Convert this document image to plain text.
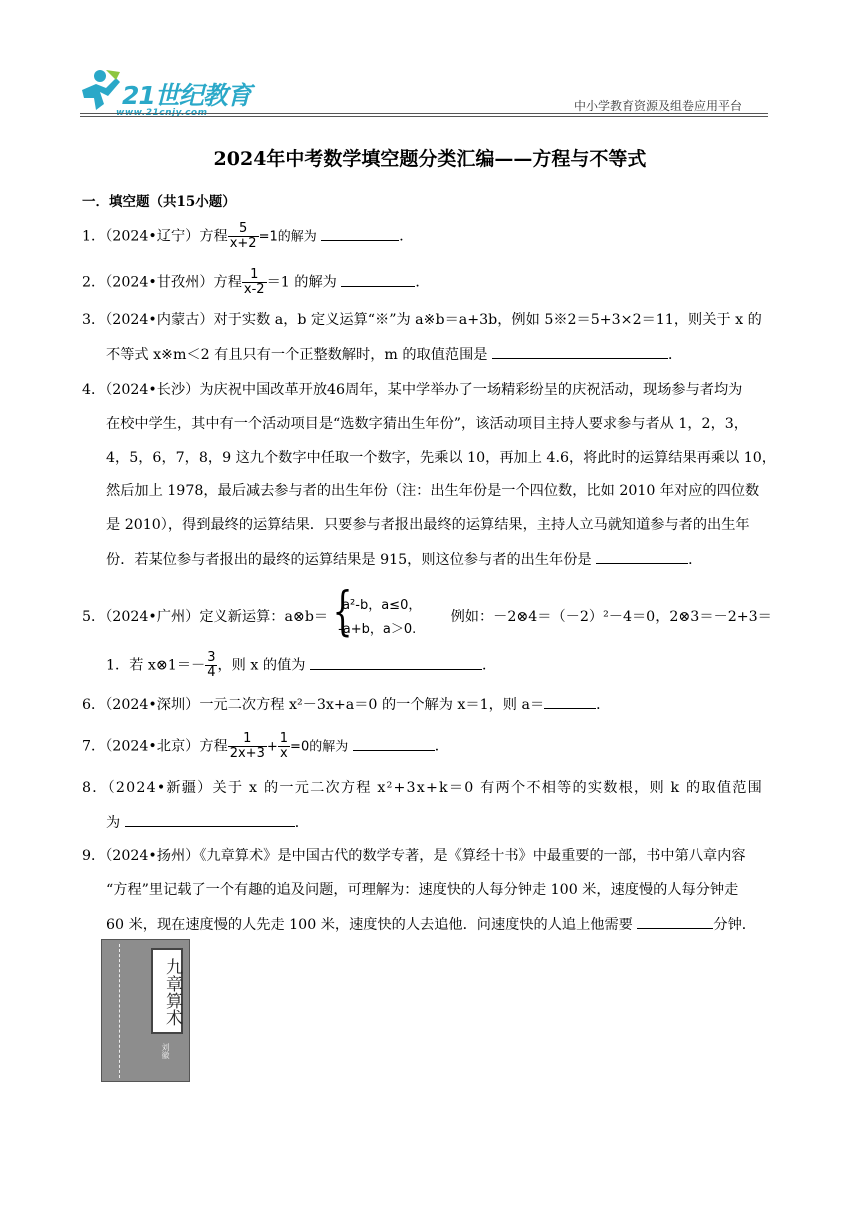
21世纪教育
www.21cnjy.com	中小学教育资源及组卷应用平台
2024年中考数学填空题分类汇编——方程与不等式
一．填空题（共15小题）
1．（2024•辽宁）方程 $\frac{5}{x+2} =1$的解为	．
2．（2024•甘孜州）方程 $\frac{1}{x-2} =1$ 的解为	．
3．（2024•内蒙古）对于实数 a，b 定义运算“※”为 a※b＝a+3b，例如 5※2＝5+3×2＝11，则关于 x 的
不等式 x※m＜2 有且只有一个正整数解时，m 的取值范围是	．
4．（2024•长沙）为庆祝中国改革开放46周年，某中学举办了一场精彩纷呈的庆祝活动，现场参与者均为
在校中学生，其中有一个活动项目是“选数字猜出生年份”，该活动项目主持人要求参与者从 1，2，3，
4，5，6，7，8，9 这九个数字中任取一个数字，先乘以 10，再加上 4.6，将此时的运算结果再乘以 10，
然后加上 1978，最后减去参与者的出生年份（注：出生年份是一个四位数，比如 2010 年对应的四位数
是 2010），得到最终的运算结果．只要参与者报出最终的运算结果，主持人立马就知道参与者的出生年
份．若某位参与者报出的最终的运算结果是 915，则这位参与者的出生年份是	．
5．（2024•广州）定义新运算：a⊗b＝ {
a²-b，a≤0，
-a+b，a＞0.
例如：－2⊗4＝（－2）²－4＝0，2⊗3＝－2+3＝
1．若 x⊗1＝－ $\frac{3}{4}$ ，则 x 的值为	．
6．（2024•深圳）一元二次方程 x²－3x+a＝0 的一个解为 x＝1，则 a＝	．
7．（2024•北京）方程 $\frac{1}{2x+3} + \frac{1}{x} =0$的解为	．
8．（2024•新疆）关于 x 的一元二次方程 x²+3x+k＝0 有两个不相等的实数根，则 k 的取值范围
为	．
9．（2024•扬州）《九章算术》是中国古代的数学专著，是《算经十书》中最重要的一部，书中第八章内容
“方程”里记载了一个有趣的追及问题，可理解为：速度快的人每分钟走 100 米，速度慢的人每分钟走
60 米，现在速度慢的人先走 100 米，速度快的人去追他．问速度快的人追上他需要	分钟．
九章算术
刘徽
